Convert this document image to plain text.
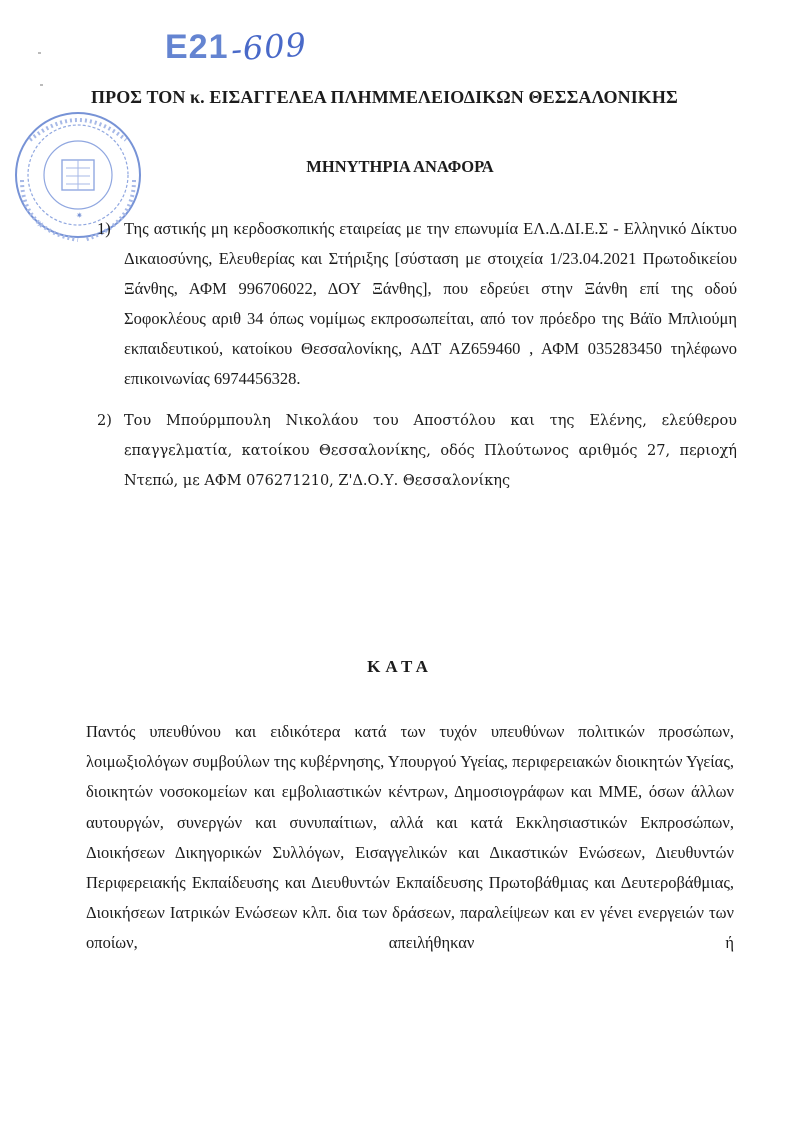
Ε21-609
✶
✷
ΠΡΟΣ ΤΟΝ κ. ΕΙΣΑΓΓΕΛΕΑ ΠΛΗΜΜΕΛΕΙΟΔΙΚΩΝ ΘΕΣΣΑΛΟΝΙΚΗΣ
ΜΗΝΥΤΗΡΙΑ ΑΝΑΦΟΡΑ
1) Της αστικής μη κερδοσκοπικής εταιρείας με την επωνυμία ΕΛ.Δ.ΔΙ.Ε.Σ - Ελληνικό Δίκτυο Δικαιοσύνης, Ελευθερίας και Στήριξης [σύσταση με στοιχεία 1/23.04.2021 Πρωτοδικείου Ξάνθης, ΑΦΜ 996706022, ΔΟΥ Ξάνθης], που εδρεύει στην Ξάνθη επί της οδού Σοφοκλέους αριθ 34 όπως νομίμως εκπροσωπείται, από τον πρόεδρο της Βάϊο Μπλιούμη εκπαιδευτικού, κατοίκου Θεσσαλονίκης, ΑΔΤ ΑΖ659460 , ΑΦΜ 035283450 τηλέφωνο επικοινωνίας 6974456328.
2) Του Μπούρμπουλη Νικολάου του Αποστόλου και της Ελένης, ελεύθερου επαγγελματία, κατοίκου Θεσσαλονίκης, οδός Πλούτωνος αριθμός 27, περιοχή Ντεπώ, με ΑΦΜ 076271210, Ζ'Δ.Ο.Υ. Θεσσαλονίκης
ΚΑΤΑ
Παντός υπευθύνου και ειδικότερα κατά των τυχόν υπευθύνων πολιτικών προσώπων, λοιμωξιολόγων συμβούλων της κυβέρνησης, Υπουργού Υγείας, περιφερειακών διοικητών Υγείας, διοικητών νοσοκομείων και εμβολιαστικών κέντρων, Δημοσιογράφων και ΜΜΕ, όσων άλλων αυτουργών, συνεργών και συνυπαίτιων, αλλά και κατά Εκκλησιαστικών Εκπροσώπων, Διοικήσεων Δικηγορικών Συλλόγων, Εισαγγελικών και Δικαστικών Ενώσεων, Διευθυντών Περιφερειακής Εκπαίδευσης και Διευθυντών Εκπαίδευσης Πρωτοβάθμιας και Δευτεροβάθμιας, Διοικήσεων Ιατρικών Ενώσεων κλπ. δια των δράσεων, παραλείψεων και εν γένει ενεργειών των οποίων, απειλήθηκαν ή
